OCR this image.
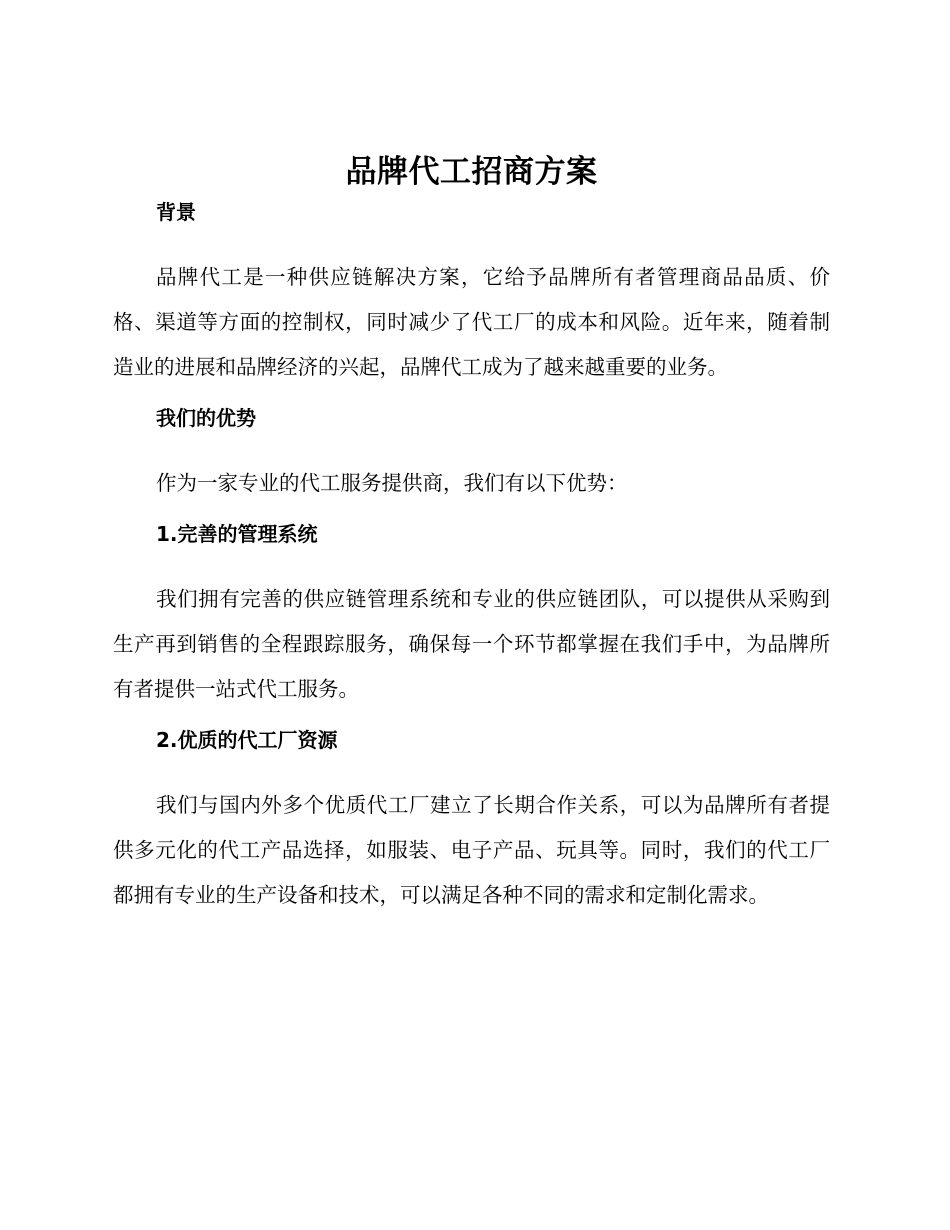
品牌代工招商方案
背景

品牌代工是一种供应链解决方案，它给予品牌所有者管理商品品质、价格、渠道等方面的控制权，同时减少了代工厂的成本和风险。近年来，随着制造业的进展和品牌经济的兴起，品牌代工成为了越来越重要的业务。

我们的优势

作为一家专业的代工服务提供商，我们有以下优势：

1.完善的管理系统

我们拥有完善的供应链管理系统和专业的供应链团队，可以提供从采购到生产再到销售的全程跟踪服务，确保每一个环节都掌握在我们手中，为品牌所有者提供一站式代工服务。

2.优质的代工厂资源

我们与国内外多个优质代工厂建立了长期合作关系，可以为品牌所有者提供多元化的代工产品选择，如服装、电子产品、玩具等。同时，我们的代工厂都拥有专业的生产设备和技术，可以满足各种不同的需求和定制化需求。
